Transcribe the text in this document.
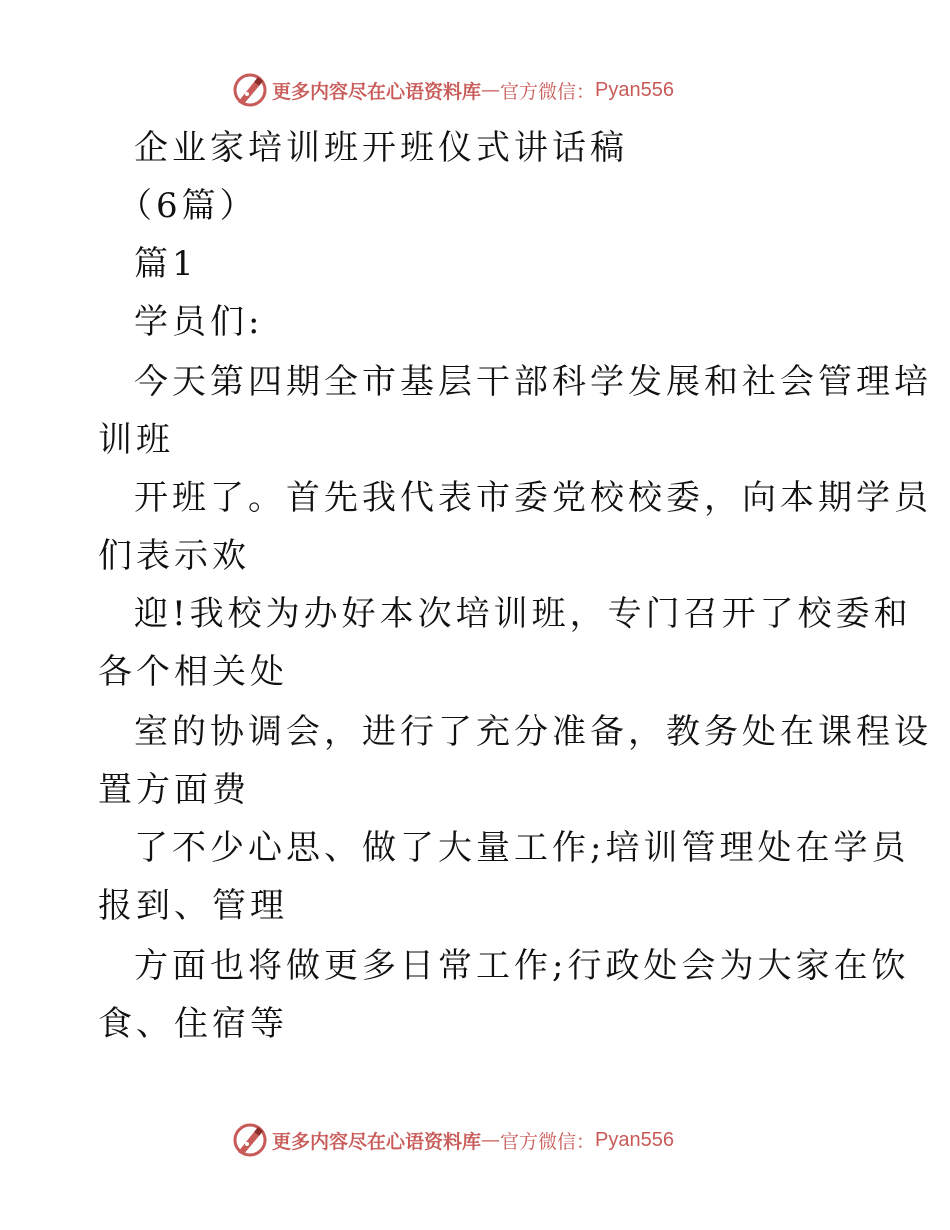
更多内容尽在心语资料库 — 官方微信： Pyan556
企业家培训班开班仪式讲话稿
（6篇）
篇1
学员们:
今天第四期全市基层干部科学发展和社会管理培
训班
开班了。首先我代表市委党校校委，向本期学员
们表示欢
迎!我校为办好本次培训班，专门召开了校委和
各个相关处
室的协调会，进行了充分准备，教务处在课程设
置方面费
了不少心思、做了大量工作;培训管理处在学员
报到、管理
方面也将做更多日常工作;行政处会为大家在饮
食、住宿等
更多内容尽在心语资料库 — 官方微信： Pyan556
